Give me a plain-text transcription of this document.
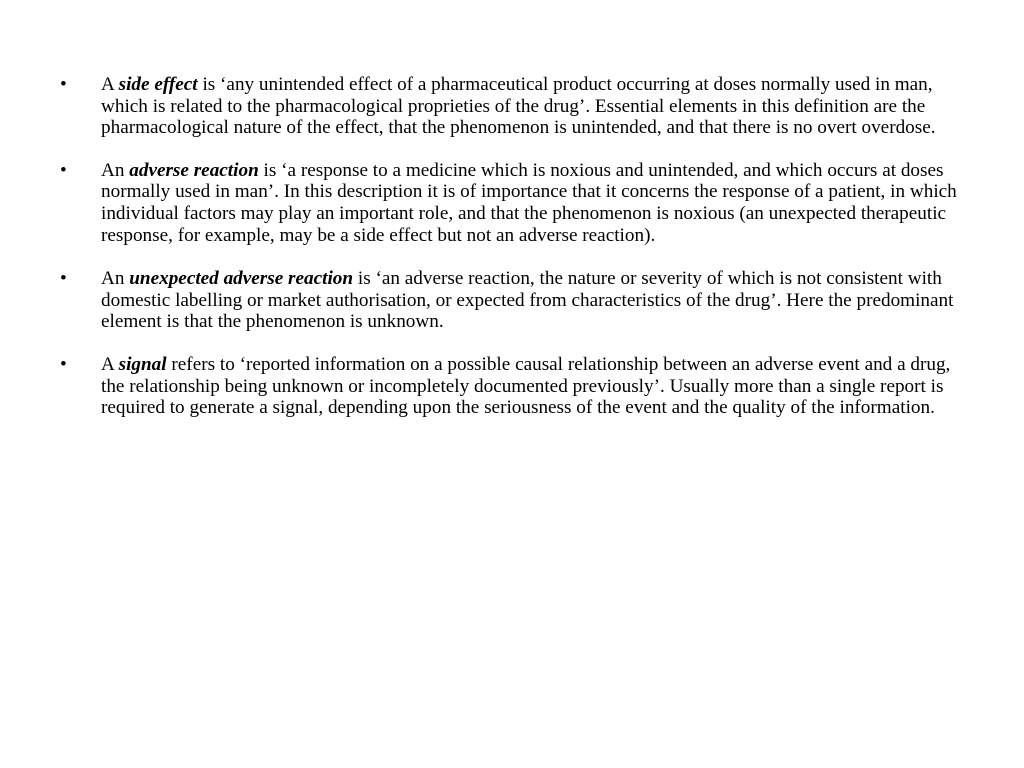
• A side effect is ‘any unintended effect of a pharmaceutical product occurring at doses normally used in man, which is related to the pharmacological proprieties of the drug’. Essential elements in this definition are the pharmacological nature of the effect, that the phenomenon is unintended, and that there is no overt overdose.
• An adverse reaction is ‘a response to a medicine which is noxious and unintended, and which occurs at doses normally used in man’. In this description it is of importance that it concerns the response of a patient, in which individual factors may play an important role, and that the phenomenon is noxious (an unexpected therapeutic response, for example, may be a side effect but not an adverse reaction).
• An unexpected adverse reaction is ‘an adverse reaction, the nature or severity of which is not consistent with domestic labelling or market authorisation, or expected from characteristics of the drug’. Here the predominant element is that the phenomenon is unknown.
• A signal refers to ‘reported information on a possible causal relationship between an adverse event and a drug, the relationship being unknown or incompletely documented previously’. Usually more than a single report is required to generate a signal, depending upon the seriousness of the event and the quality of the information.
